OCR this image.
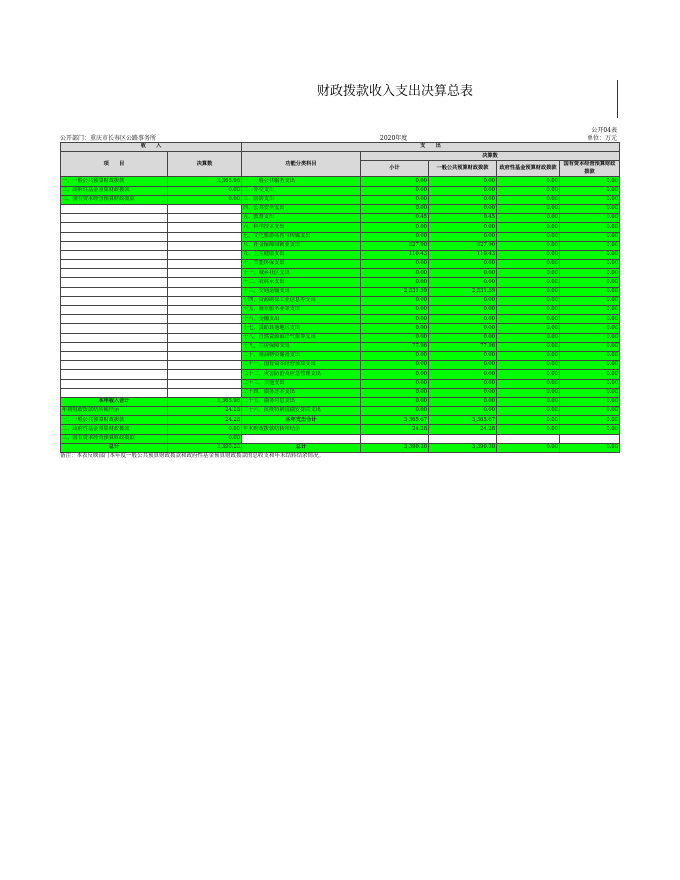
财政拨款收入支出决算总表
公开04表
公开部门：重庆市长寿区公路事务所	2020年度	单位：万元
收　　入		支　　出				
项　　目	决算数	功能分类科目	决算数			
			小计	一般公共预算财政拨款	政府性基金预算财政拨款	国有资本经营预算财政拨款

一、一般公共预算财政拨款	3,365.96	一、一般公共服务支出	0.00	0.00	0.00	0.00
二、政府性基金预算财政拨款	0.00	二、外交支出	0.00	0.00	0.00	0.00
三、国有资本经营预算财政拨款	0.00	三、国防支出	0.00	0.00	0.00	0.00
		四、公共安全支出	0.00	0.00	0.00	0.00
		五、教育支出	0.45	0.45	0.00	0.00
		六、科学技术支出	0.00	0.00	0.00	0.00
		七、文化旅游体育与传媒支出	0.00	0.00	0.00	0.00
		八、社会保障和就业支出	627.90	627.90	0.00	0.00
		九、卫生健康支出	110.43	110.43	0.00	0.00
		十、节能环保支出	0.00	0.00	0.00	0.00
		十一、城乡社区支出	0.00	0.00	0.00	0.00
		十二、农林水支出	0.00	0.00	0.00	0.00
		十三、交通运输支出	2,531.59	2,531.59	0.00	0.00
		十四、资源勘探工业信息等支出	0.00	0.00	0.00	0.00
		十五、商业服务业等支出	0.00	0.00	0.00	0.00
		十六、金融支出	0.00	0.00	0.00	0.00
		十七、援助其他地区支出	0.00	0.00	0.00	0.00
		十八、自然资源海洋气象等支出	0.00	0.00	0.00	0.00
		十九、住房保障支出	77.96	77.96	0.00	0.00
		二十、粮油物资储备支出	0.00	0.00	0.00	0.00
		二十一、国有资本经营预算支出	0.00	0.00	0.00	0.00
		二十二、灾害防治及应急管理支出	0.00	0.00	0.00	0.00
		二十三、其他支出	0.00	0.00	0.00	0.00
		二十四、债务还本支出	0.00	0.00	0.00	0.00
本年收入合计	3,365.96	二十五、债务付息支出	0.00	0.00	0.00	0.00
年初财政拨款结转和结余	24.28	二十六、抗疫特别国债安排的支出	0.00	0.00	0.00	0.00
一、一般公共预算财政拨款	24.28	本年支出合计	3,365.67	3,365.67	0.00	0.00
二、政府性基金预算财政拨款	0.00	年末财政拨款结转和结余	24.28	24.28	0.00	0.00
三、国有资本经营预算财政拨款	0.00					
总计	3,390.20	总计	3,390.20	3,390.20	0.00	0.00
备注：本表反映部门本年度一般公共预算财政拨款和政府性基金预算财政拨款的总收支和年末结转结余情况。
